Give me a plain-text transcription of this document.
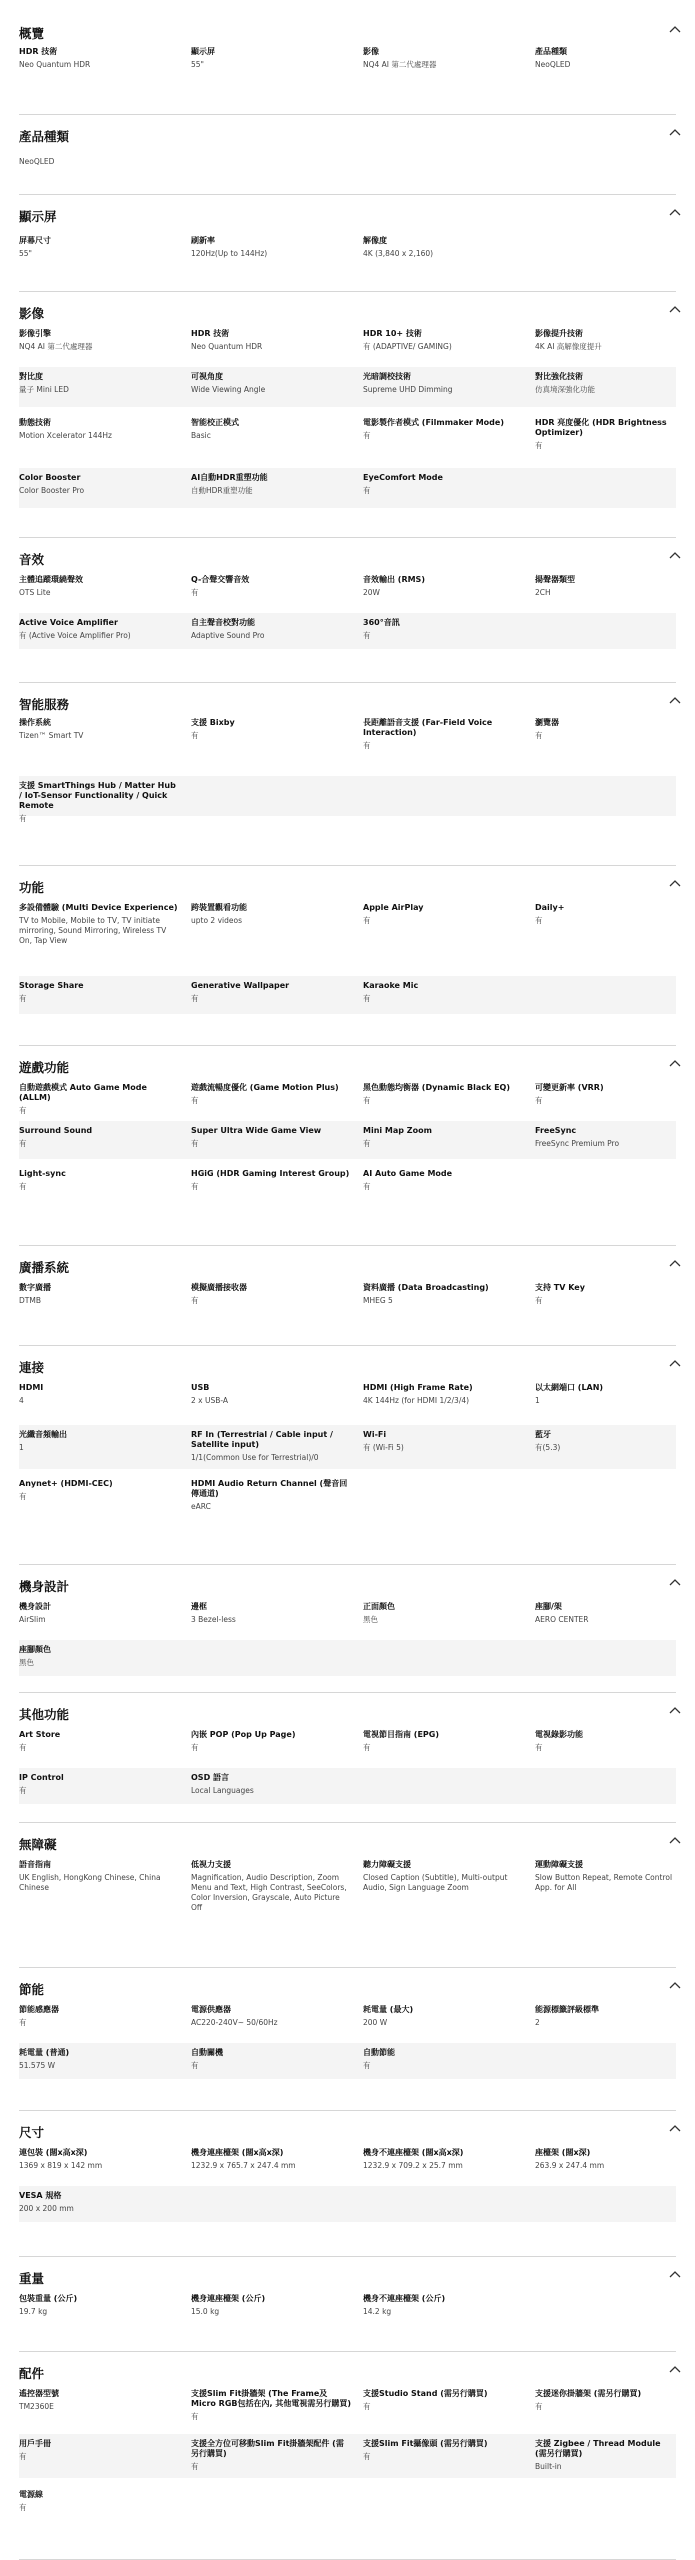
概覽
HDR 技術
Neo Quantum HDR
顯示屏
55"
影像
NQ4 AI 第二代處理器
產品種類
NeoQLED
產品種類
NeoQLED
顯示屏
屏幕尺寸
55"
刷新率
120Hz(Up to 144Hz)
解像度
4K (3,840 x 2,160)
影像
影像引擎
NQ4 AI 第二代處理器
HDR 技術
Neo Quantum HDR
HDR 10+ 技術
有 (ADAPTIVE/ GAMING)
影像提升技術
4K AI 高解像度提升
對比度
量子 Mini LED
可視角度
Wide Viewing Angle
光暗調校技術
Supreme UHD Dimming
對比強化技術
仿真境深強化功能
動態技術
Motion Xcelerator 144Hz
智能校正模式
Basic
電影製作者模式 (Filmmaker Mode)
有
HDR 亮度優化 (HDR Brightness Optimizer)
有
Color Booster
Color Booster Pro
AI自動HDR重塑功能
自動HDR重塑功能
EyeComfort Mode
有
音效
主體追蹤環繞聲效
OTS Lite
Q-合聲交響音效
有
音效輸出 (RMS)
20W
揚聲器類型
2CH
Active Voice Amplifier
有 (Active Voice Amplifier Pro)
自主聲音校對功能
Adaptive Sound Pro
360°音訊
有
智能服務
操作系統
Tizen™ Smart TV
支援 Bixby
有
長距離語音支援 (Far-Field Voice Interaction)
有
瀏覽器
有
支援 SmartThings Hub / Matter Hub / IoT-Sensor Functionality / Quick Remote
有
功能
多設備體驗 (Multi Device Experience)
TV to Mobile, Mobile to TV, TV initiate mirroring, Sound Mirroring, Wireless TV On, Tap View
跨裝置觀看功能
upto 2 videos
Apple AirPlay
有
Daily+
有
Storage Share
有
Generative Wallpaper
有
Karaoke Mic
有
遊戲功能
自動遊戲模式 Auto Game Mode (ALLM)
有
遊戲流暢度優化 (Game Motion Plus)
有
黑色動態均衡器 (Dynamic Black EQ)
有
可變更新率 (VRR)
有
Surround Sound
有
Super Ultra Wide Game View
有
Mini Map Zoom
有
FreeSync
FreeSync Premium Pro
Light-sync
有
HGiG (HDR Gaming Interest Group)
有
AI Auto Game Mode
有
廣播系統
數字廣播
DTMB
模擬廣播接收器
有
資料廣播 (Data Broadcasting)
MHEG 5
支持 TV Key
有
連接
HDMI
4
USB
2 x USB-A
HDMI (High Frame Rate)
4K 144Hz (for HDMI 1/2/3/4)
以太網端口 (LAN)
1
光纖音頻輸出
1
RF In (Terrestrial / Cable input / Satellite input)
1/1(Common Use for Terrestrial)/0
Wi-Fi
有 (Wi-Fi 5)
藍牙
有(5.3)
Anynet+ (HDMI-CEC)
有
HDMI Audio Return Channel (聲音回傳通道)
eARC
機身設計
機身設計
AirSlim
邊框
3 Bezel-less
正面顏色
黑色
座腳/架
AERO CENTER
座腳顏色
黑色
其他功能
Art Store
有
內嵌 POP (Pop Up Page)
有
電視節目指南 (EPG)
有
電視錄影功能
有
IP Control
有
OSD 語言
Local Languages
無障礙
語音指南
UK English, HongKong Chinese, China Chinese
低視力支援
Magnification, Audio Description, Zoom Menu and Text, High Contrast, SeeColors, Color Inversion, Grayscale, Auto Picture Off
聽力障礙支援
Closed Caption (Subtitle), Multi-output Audio, Sign Language Zoom
運動障礙支援
Slow Button Repeat, Remote Control App. for All
節能
節能感應器
有
電源供應器
AC220-240V~ 50/60Hz
耗電量 (最大)
200 W
能源標籤評級標準
2
耗電量 (普通)
51.575 W
自動關機
有
自動節能
有
尺寸
連包裝 (闊x高x深)
1369 x 819 x 142 mm
機身連座檯架 (闊x高x深)
1232.9 x 765.7 x 247.4 mm
機身不連座檯架 (闊x高x深)
1232.9 x 709.2 x 25.7 mm
座檯架 (闊x深)
263.9 x 247.4 mm
VESA 規格
200 x 200 mm
重量
包裝重量 (公斤)
19.7 kg
機身連座檯架 (公斤)
15.0 kg
機身不連座檯架 (公斤)
14.2 kg
配件
遙控器型號
TM2360E
支援Slim Fit掛牆架 (The Frame及Micro RGB包括在內, 其他電視需另行購買)
有
支援Studio Stand (需另行購買)
有
支援迷你掛牆架 (需另行購買)
有
用戶手冊
有
支援全方位可移動Slim Fit掛牆架配件 (需另行購買)
有
支援Slim Fit攝像頭 (需另行購買)
有
支援 Zigbee / Thread Module (需另行購買)
Built-in
電源線
有
